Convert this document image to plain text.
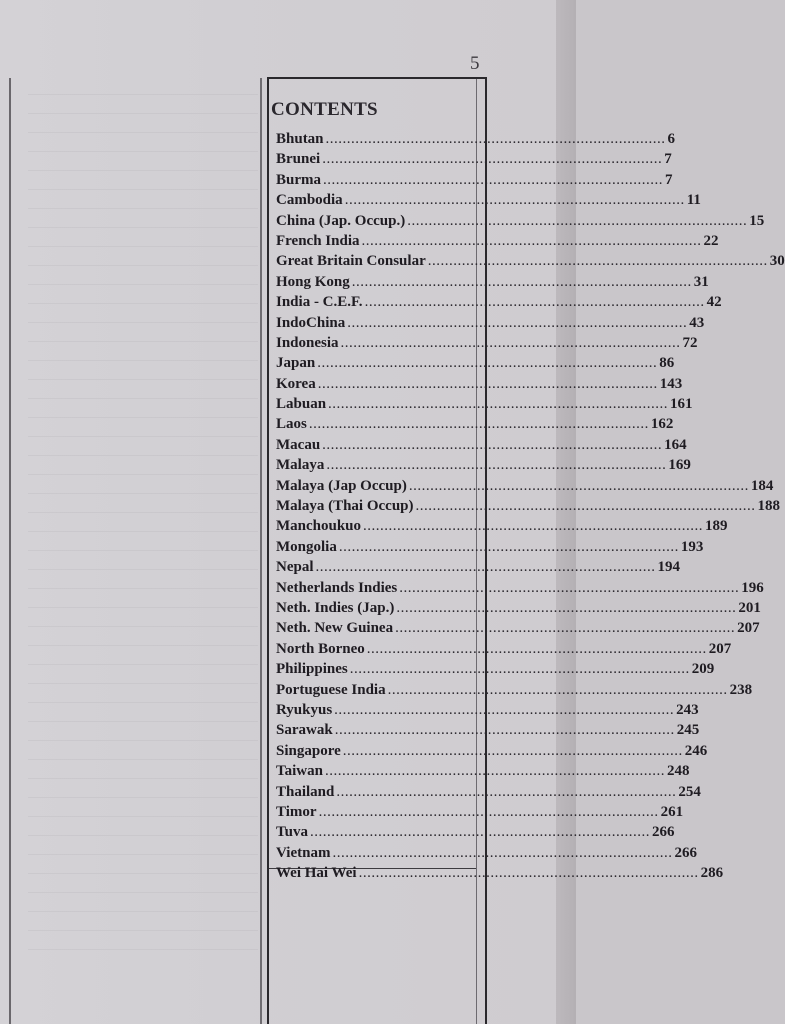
5
CONTENTS
Bhutan ................................................................................ 6
Brunei ................................................................................ 7
Burma ................................................................................ 7
Cambodia ................................................................................ 11
China (Jap. Occup.) ................................................................................ 15
French India ................................................................................ 22
Great Britain Consular ................................................................................ 30
Hong Kong ................................................................................ 31
India - C.E.F. ................................................................................ 42
IndoChina ................................................................................ 43
Indonesia ................................................................................ 72
Japan ................................................................................ 86
Korea ................................................................................ 143
Labuan ................................................................................ 161
Laos ................................................................................ 162
Macau ................................................................................ 164
Malaya ................................................................................ 169
Malaya (Jap Occup) ................................................................................ 184
Malaya (Thai Occup) ................................................................................ 188
Manchoukuo ................................................................................ 189
Mongolia ................................................................................ 193
Nepal ................................................................................ 194
Netherlands Indies ................................................................................ 196
Neth. Indies (Jap.) ................................................................................ 201
Neth. New Guinea ................................................................................ 207
North Borneo ................................................................................ 207
Philippines ................................................................................ 209
Portuguese India ................................................................................ 238
Ryukyus ................................................................................ 243
Sarawak ................................................................................ 245
Singapore ................................................................................ 246
Taiwan ................................................................................ 248
Thailand ................................................................................ 254
Timor ................................................................................ 261
Tuva ................................................................................ 266
Vietnam ................................................................................ 266
Wei Hai Wei ................................................................................ 286
